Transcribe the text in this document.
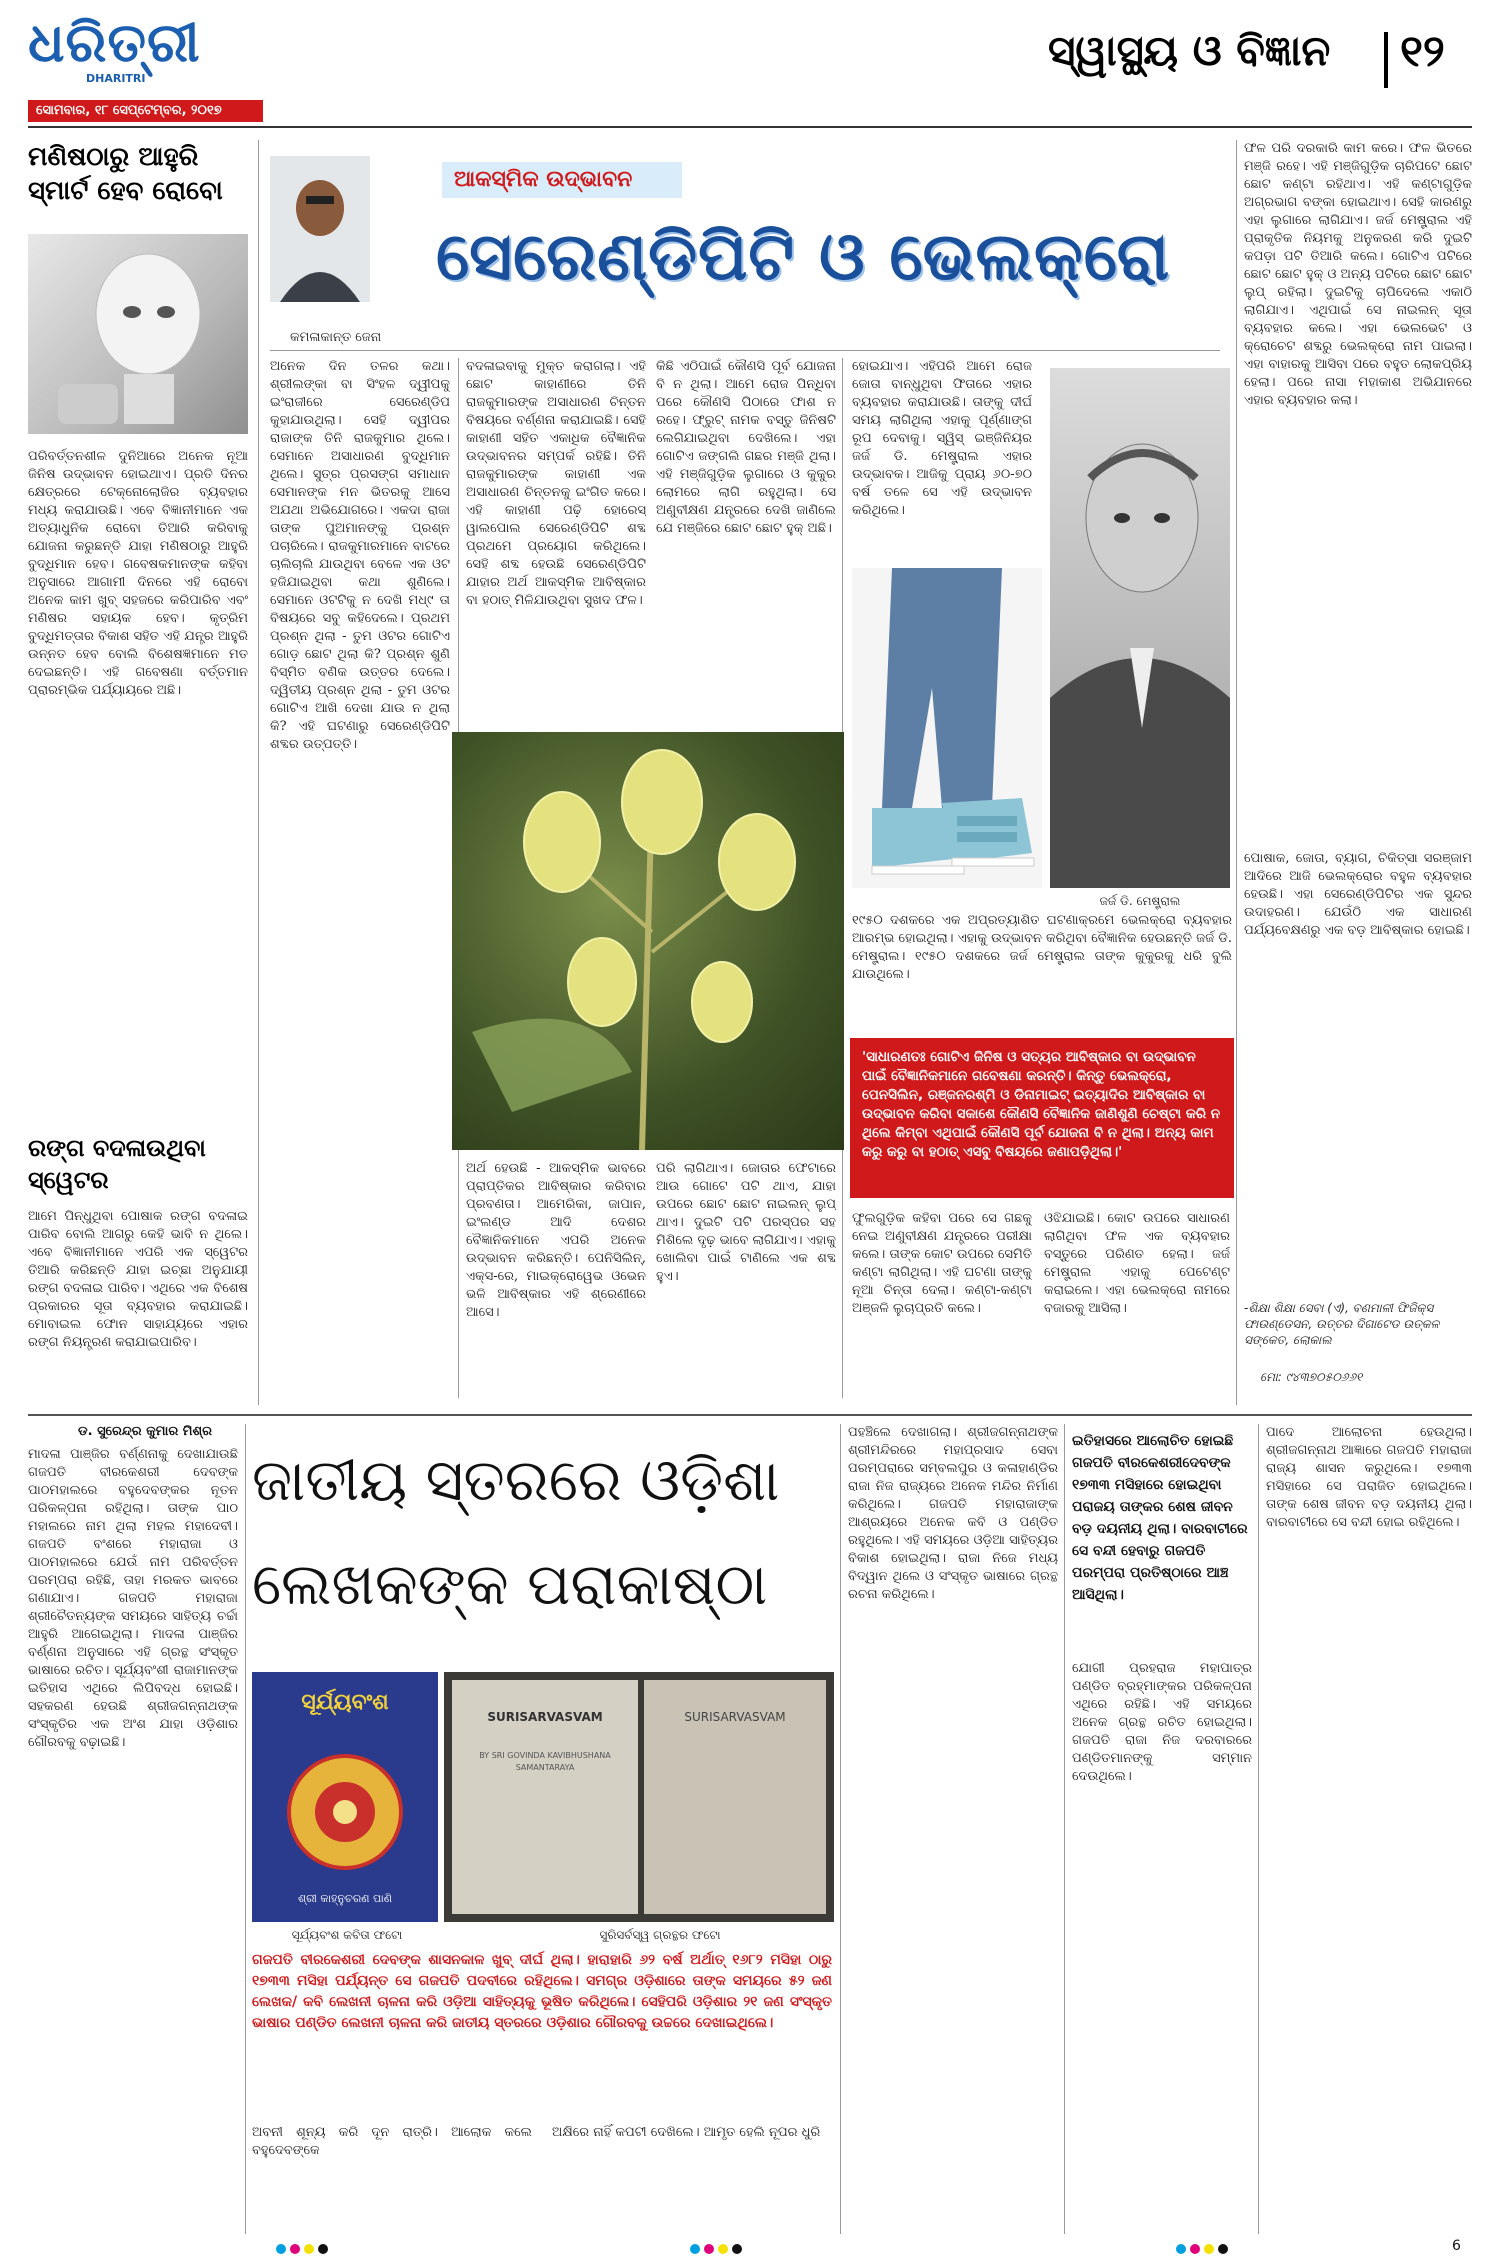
ଧରିତ୍ରୀ
DHARITRI
ସୋମବାର, ୧୮ ସେପ୍ଟେମ୍ବର, ୨୦୧୭
ସ୍ୱାସ୍ଥ୍ୟ ଓ ବିଜ୍ଞାନ ୧୨
ମଣିଷଠାରୁ ଆହୁରି ସ୍ମାର୍ଟ ହେବ ରୋବୋ
ପରିବର୍ତ୍ତନଶୀଳ ଦୁନିଆରେ ଅନେକ ନୂଆ ଜିନିଷ ଉଦ୍ଭାବନ ହୋଇଥାଏ। ପ୍ରତି ଦିନର କ୍ଷେତ୍ରରେ ଟେକ୍ନୋଲୋଜିର ବ୍ୟବହାର ମଧ୍ୟ କରାଯାଉଛି। ଏବେ ବିଜ୍ଞାନୀମାନେ ଏକ ଅତ୍ୟାଧୁନିକ ରୋବୋ ତିଆରି କରିବାକୁ ଯୋଜନା କରୁଛନ୍ତି ଯାହା ମଣିଷଠାରୁ ଆହୁରି ବୁଦ୍ଧିମାନ ହେବ। ଗବେଷକମାନଙ୍କ କହିବା ଅନୁସାରେ ଆଗାମୀ ଦିନରେ ଏହି ରୋବୋ ଅନେକ କାମ ଖୁବ୍ ସହଜରେ କରିପାରିବ ଏବଂ ମଣିଷର ସହାୟକ ହେବ। କୃତ୍ରିମ ବୁଦ୍ଧିମତ୍ତାର ବିକାଶ ସହିତ ଏହି ଯନ୍ତ୍ର ଆହୁରି ଉନ୍ନତ ହେବ ବୋଲି ବିଶେଷଜ୍ଞମାନେ ମତ ଦେଇଛନ୍ତି। ଏହି ଗବେଷଣା ବର୍ତ୍ତମାନ ପ୍ରାରମ୍ଭିକ ପର୍ଯ୍ୟାୟରେ ଅଛି।
ରଙ୍ଗ ବଦଳାଉଥିବା ସ୍ୱେଟର
ଆମେ ପିନ୍ଧୁଥିବା ପୋଷାକ ରଙ୍ଗ ବଦଳାଇ ପାରିବ ବୋଲି ଆଗରୁ କେହି ଭାବି ନ ଥିଲେ। ଏବେ ବିଜ୍ଞାନୀମାନେ ଏପରି ଏକ ସ୍ୱେଟର ତିଆରି କରିଛନ୍ତି ଯାହା ଇଚ୍ଛା ଅନୁଯାୟୀ ରଙ୍ଗ ବଦଳାଇ ପାରିବ। ଏଥିରେ ଏକ ବିଶେଷ ପ୍ରକାରର ସୂତା ବ୍ୟବହାର କରାଯାଇଛି। ମୋବାଇଲ ଫୋନ ସାହାଯ୍ୟରେ ଏହାର ରଙ୍ଗ ନିୟନ୍ତ୍ରଣ କରାଯାଇପାରିବ।
କମଳାକାନ୍ତ ଜେନା
ଆକସ୍ମିକ ଉଦ୍ଭାବନ
ସେରେଣ୍ଡିପିଟି ଓ ଭେଲକ୍ରୋ
ଅନେକ ଦିନ ତଳର କଥା। ଶ୍ରୀଲଙ୍କା ବା ସିଂହଳ ଦ୍ୱୀପକୁ ଇଂରାଜୀରେ ସେରେଣ୍ଡିପ କୁହାଯାଉଥିଲା। ସେହି ଦ୍ୱୀପର ରାଜାଙ୍କ ତିନି ରାଜକୁମାର ଥିଲେ। ସେମାନେ ଅସାଧାରଣ ବୁଦ୍ଧିମାନ ଥିଲେ। ସୁତ୍ର ପ୍ରସଙ୍ଗ ସମାଧାନ ସେମାନଙ୍କ ମନ ଭିତରକୁ ଆସେ ଅଯଥା ଅଭିଯୋଗରେ। ଏକଦା ରାଜା ତାଙ୍କ ପୁଅମାନଙ୍କୁ ପ୍ରଶ୍ନ ପଚାରିଲେ। ରାଜକୁମାରମାନେ ବାଟରେ ଚାଲିଚାଲି ଯାଉଥିବା ବେଳେ ଏକ ଓଟ ହଜିଯାଇଥିବା କଥା ଶୁଣିଲେ। ସେମାନେ ଓଟଟିକୁ ନ ଦେଖି ମଧ୍୯ ତା ବିଷୟରେ ସବୁ କହିଦେଲେ। ପ୍ରଥମ ପ୍ରଶ୍ନ ଥିଲା - ତୁମ ଓଟର ଗୋଟିଏ ଗୋଡ଼ ଛୋଟ ଥିଲା କି? ପ୍ରଶ୍ନ ଶୁଣି ବିସ୍ମିତ ବଣିକ ଉତ୍ତର ଦେଲେ। ଦ୍ୱିତୀୟ ପ୍ରଶ୍ନ ଥିଲା - ତୁମ ଓଟର ଗୋଟିଏ ଆଖି ଦେଖା ଯାଉ ନ ଥିଲା କି? ଏହି ଘଟଣାରୁ ସେରେଣ୍ଡିପିଟି ଶବ୍ଦର ଉତ୍ପତ୍ତି।
ବଦଳାଇବାକୁ ମୁକ୍ତ କରାଗଲା। ଏହି ଛୋଟ କାହାଣୀରେ ତିନି ରାଜକୁମାରଙ୍କ ଅସାଧାରଣ ଚିନ୍ତନ ବିଷୟରେ ବର୍ଣ୍ଣନା କରାଯାଇଛି। ସେହି କାହାଣୀ ସହିତ ଏକାଧିକ ବୈଜ୍ଞାନିକ ଉଦ୍ଭାବନର ସମ୍ପର୍କ ରହିଛି। ତିନି ରାଜକୁମାରଙ୍କ କାହାଣୀ ଏକ ଅସାଧାରଣ ଚିନ୍ତନକୁ ଇଂଗିତ କରେ। ଏହି କାହାଣୀ ପଢ଼ି ହୋରେସ୍ ୱାଲପୋଲ ସେରେଣ୍ଡିପିଟି ଶବ୍ଦ ପ୍ରଥମେ ପ୍ରୟୋଗ କରିଥିଲେ। ସେହି ଶବ୍ଦ ହେଉଛି ସେରେଣ୍ଡିପିଟି ଯାହାର ଅର୍ଥ ଆକସ୍ମିକ ଆବିଷ୍କାର ବା ହଠାତ୍ ମିଳିଯାଉଥିବା ସୁଖଦ ଫଳ।
କିଛି ଏଠିପାଇଁ କୌଣସି ପୂର୍ବ ଯୋଜନା ବି ନ ଥିଲା। ଆମେ ରୋଜ ପିନ୍ଧିବା ପରେ କୌଣସି ପିଠାରେ ଫାଶ ନ ରହେ। ଫ୍ରୁଟ୍ ନାମକ ବସ୍ତୁ ଜିନିଷଟି ଲେଗିଯାଇଥିବା ଦେଖିଲେ। ଏହା ଗୋଟିଏ ଜଙ୍ଗଲି ଗଛର ମଞ୍ଜି ଥିଲା। ଏହି ମଞ୍ଜିଗୁଡ଼ିକ ଲୁଗାରେ ଓ କୁକୁର ଲୋମରେ ଲାଗି ରହୁଥିଲା। ସେ ଅଣୁବୀକ୍ଷଣ ଯନ୍ତ୍ରରେ ଦେଖି ଜାଣିଲେ ଯେ ମଞ୍ଜିରେ ଛୋଟ ଛୋଟ ହୁକ୍ ଅଛି।
ହୋଇଯାଏ। ଏହିପରି ଆମେ ରୋଜ ଜୋତା ବାନ୍ଧୁଥିବା ଫିତାରେ ଏହାର ବ୍ୟବହାର କରାଯାଉଛି। ତାଙ୍କୁ ଦୀର୍ଘ ସମୟ ଲାଗିଥିଲା ଏହାକୁ ପୂର୍ଣ୍ଣାଙ୍ଗ ରୂପ ଦେବାକୁ। ସ୍ୱିସ୍ ଇଞ୍ଜିନିୟର ଜର୍ଜ ଡି. ମେଷ୍ଟ୍ରାଲ ଏହାର ଉଦ୍ଭାବକ। ଆଜିକୁ ପ୍ରାୟ ୬୦-୭୦ ବର୍ଷ ତଳେ ସେ ଏହି ଉଦ୍ଭାବନ କରିଥିଲେ।
ଜର୍ଜ ଡି. ମେଷ୍ଟ୍ରାଲ
୧୯୫୦ ଦଶକରେ ଏକ ଅପ୍ରତ୍ୟାଶିତ ଘଟଣାକ୍ରମେ ଭେଲକ୍ରୋ ବ୍ୟବହାର ଆରମ୍ଭ ହୋଇଥିଲା। ଏହାକୁ ଉଦ୍ଭାବନ କରିଥିବା ବୈଜ୍ଞାନିକ ହେଉଛନ୍ତି ଜର୍ଜ ଡି. ମେଷ୍ଟ୍ରାଲ। ୧୯୫୦ ଦଶକରେ ଜର୍ଜ ମେଷ୍ଟ୍ରାଲ ତାଙ୍କ କୁକୁରକୁ ଧରି ବୁଲି ଯାଉଥିଲେ।
ଫଳ ପରି ଦରକାରି କାମ କରେ। ଫଳ ଭିତରେ ମଞ୍ଜି ରହେ। ଏହି ମଞ୍ଜିଗୁଡ଼ିକ ଚାରିପଟେ ଛୋଟ ଛୋଟ କଣ୍ଟା ରହିଥାଏ। ଏହି କଣ୍ଟାଗୁଡ଼ିକ ଅଗ୍ରଭାଗ ବଙ୍କା ହୋଇଥାଏ। ସେହି କାରଣରୁ ଏହା ଲୁଗାରେ ଲାଗିଯାଏ। ଜର୍ଜ ମେଷ୍ଟ୍ରାଲ ଏହି ପ୍ରାକୃତିକ ନିୟମକୁ ଅନୁକରଣ କରି ଦୁଇଟି କପଡ଼ା ପଟି ତିଆରି କଲେ। ଗୋଟିଏ ପଟିରେ ଛୋଟ ଛୋଟ ହୁକ୍ ଓ ଅନ୍ୟ ପଟିରେ ଛୋଟ ଛୋଟ ଲୁପ୍ ରହିଲା। ଦୁଇଟିକୁ ଚାପିଦେଲେ ଏକାଠି ଲାଗିଯାଏ। ଏଥିପାଇଁ ସେ ନାଇଲନ୍ ସୂତା ବ୍ୟବହାର କଲେ। ଏହା ଭେଲଭେଟ ଓ କ୍ରୋଚେଟ ଶବ୍ଦରୁ ଭେଲକ୍ରୋ ନାମ ପାଇଲା। ଏହା ବାହାରକୁ ଆସିବା ପରେ ବହୁତ ଲୋକପ୍ରିୟ ହେଲା। ପରେ ନାସା ମହାକାଶ ଅଭିଯାନରେ ଏହାର ବ୍ୟବହାର କଲା।
ପୋଷାକ, ଜୋତା, ବ୍ୟାଗ, ଚିକିତ୍ସା ସରଞ୍ଜାମ ଆଦିରେ ଆଜି ଭେଲକ୍ରୋର ବହୁଳ ବ୍ୟବହାର ହେଉଛି। ଏହା ସେରେଣ୍ଡିପିଟିର ଏକ ସୁନ୍ଦର ଉଦାହରଣ। ଯେଉଁଠି ଏକ ସାଧାରଣ ପର୍ଯ୍ୟବେକ୍ଷଣରୁ ଏକ ବଡ଼ ଆବିଷ୍କାର ହୋଇଛି।
'ସାଧାରଣତଃ ଗୋଟିଏ ଜିନିଷ ଓ ସତ୍ୟର ଆବିଷ୍କାର ବା ଉଦ୍ଭାବନ ପାଇଁ ବୈଜ୍ଞାନିକମାନେ ଗବେଷଣା କରନ୍ତି। କିନ୍ତୁ ଭେଲକ୍ରୋ, ପେନସିଲିନ, ରଞ୍ଜନରଶ୍ମି ଓ ଡିନାମାଇଟ୍ ଇତ୍ୟାଦିର ଆବିଷ୍କାର ବା ଉଦ୍ଭାବନ କରିବା ସକାଶେ କୌଣସି ବୈଜ୍ଞାନିକ ଜାଣିଶୁଣି ଚେଷ୍ଟା କରି ନ ଥିଲେ କିମ୍ବା ଏଥିପାଇଁ କୌଣସି ପୂର୍ବ ଯୋଜନା ବି ନ ଥିଲା। ଅନ୍ୟ କାମ କରୁ କରୁ ବା ହଠାତ୍ ଏସବୁ ବିଷୟରେ ଜଣାପଡ଼ିଥିଲା।'
ଅର୍ଥ ହେଉଛି - ଆକସ୍ମିକ ଭାବରେ ପ୍ରାପ୍ତିକର ଆବିଷ୍କାର କରିବାର ପ୍ରବଣତା। ଆମେରିକା, ଜାପାନ, ଇଂଲଣ୍ଡ ଆଦି ଦେଶର ବୈଜ୍ଞାନିକମାନେ ଏପରି ଅନେକ ଉଦ୍ଭାବନ କରିଛନ୍ତି। ପେନିସିଲିନ୍, ଏକ୍ସ-ରେ, ମାଇକ୍ରୋୱେଭ ଓଭେନ ଭଳି ଆବିଷ୍କାର ଏହି ଶ୍ରେଣୀରେ ଆସେ।
ପରି ଲାଗିଥାଏ। ଜୋତାର ଫେଟାରେ ଆଉ ଗୋଟେ ପଟି ଥାଏ, ଯାହା ଉପରେ ଛୋଟ ଛୋଟ ନାଇଲନ୍ ଲୁପ୍ ଥାଏ। ଦୁଇଟି ପଟି ପରସ୍ପର ସହ ମିଶିଲେ ଦୃଢ଼ ଭାବେ ଲାଗିଯାଏ। ଏହାକୁ ଖୋଲିବା ପାଇଁ ଟାଣିଲେ ଏକ ଶବ୍ଦ ହୁଏ।
ଫୁଲଗୁଡ଼ିକ କହିବା ପରେ ସେ ଗଛକୁ ନେଇ ଅଣୁବୀକ୍ଷଣ ଯନ୍ତ୍ରରେ ପରୀକ୍ଷା କଲେ। ତାଙ୍କ କୋଟ ଉପରେ ସେମିତି କଣ୍ଟା ଲାଗିଥିଲା। ଏହି ଘଟଣା ତାଙ୍କୁ ନୂଆ ଚିନ୍ତା ଦେଲା। କଣ୍ଟା-କଣ୍ଟା ଅଞ୍ଜଳି ଲୁଚାପ୍ରତି କଲେ।
ଓଝିଯାଇଛି। କୋଟ ଉପରେ ସାଧାରଣ ଲାଗିଥିବା ଫଳ ଏକ ବ୍ୟବହାର ବସ୍ତୁରେ ପରିଣତ ହେଲା। ଜର୍ଜ ମେଷ୍ଟ୍ରାଲ ଏହାକୁ ପେଟେଣ୍ଟ କରାଇଲେ। ଏହା ଭେଲକ୍ରୋ ନାମରେ ବଜାରକୁ ଆସିଲା।	-ଶିକ୍ଷା ଶିକ୍ଷା ସେବା (ଏ), ବଣମାଳୀ ଫିଜିକ୍ସ ଫାଉଣ୍ଡେସନ, ଉତ୍ତର ଦିଗାଟେଡ ଉତ୍କଳ ସଙ୍କେତ, ଲୋକାଲ
ମୋ: ୯୪୩୭୦୫୦୬୬୧
ଡ. ସୁରେନ୍ଦ୍ର କୁମାର ମିଶ୍ର
ମାଦଳା ପାଞ୍ଜିର ବର୍ଣ୍ଣନାକୁ ଦେଖାଯାଉଛି ଗଜପତି ବୀରକେଶରୀ ଦେବଙ୍କ ପାଠମହାଲରେ ବହୁଦେବଙ୍କର ନୂତନ ପରିକଳ୍ପନା ରହିଥିଲା। ତାଙ୍କ ପାଠ ମହାଲରେ ନାମ ଥିଲା ମହଲ ମହାଦେବୀ। ଗଜପତି ବଂଶରେ ମହାରାଜା ଓ ପାଠମହାଲରେ ଯେଉଁ ନାମ ପରିବର୍ତ୍ତନ ପରମ୍ପରା ରହିଛି, ତାହା ମରକତ ଭାବରେ ଗଣାଯାଏ। ଗଜପତି ମହାରାଜା ଶ୍ରୀଚୈତନ୍ୟଙ୍କ ସମୟରେ ସାହିତ୍ୟ ଚର୍ଚ୍ଚା ଆହୁରି ଆଗେଇଥିଲା। ମାଦଳା ପାଞ୍ଜିର ବର୍ଣ୍ଣନା ଅନୁସାରେ ଏହି ଗ୍ରନ୍ଥ ସଂସ୍କୃତ ଭାଷାରେ ରଚିତ। ସୂର୍ଯ୍ୟବଂଶୀ ରାଜାମାନଙ୍କ ଇତିହାସ ଏଥିରେ ଲିପିବଦ୍ଧ ହୋଇଛି। ସହକରଣ ହେଉଛି ଶ୍ରୀଜଗନ୍ନାଥଙ୍କ ସଂସ୍କୃତିର ଏକ ଅଂଶ ଯାହା ଓଡ଼ିଶାର ଗୌରବକୁ ବଢ଼ାଇଛି।
ଜାତୀୟ ସ୍ତରରେ ଓଡ଼ିଶା
ଲେଖକଙ୍କ ପରାକାଷ୍ଠା
ସୂର୍ଯ୍ୟବଂଶ
ଶ୍ରୀ କାହ୍ନୁଚରଣ ପାଣି
SURISARVASVAM
BY SRI GOVINDA KAVIBHUSHANA SAMANTARAYA
SURISARVASVAM
ସୂର୍ଯ୍ୟବଂଶ କବିତା ଫଟୋ	ସୁରିସର୍ବସ୍ୱ ଗ୍ରନ୍ଥର ଫଟୋ
ଗଜପତି ବୀରକେଶରୀ ଦେବଙ୍କ ଶାସନକାଳ ଖୁବ୍ ଦୀର୍ଘ ଥିଲା। ହାରାହାରି ୬୨ ବର୍ଷ ଅର୍ଥାତ୍ ୧୬୮୨ ମସିହା ଠାରୁ ୧୭୩୩ ମସିହା ପର୍ଯ୍ୟନ୍ତ ସେ ଗଜପତି ପଦବୀରେ ରହିଥିଲେ। ସମଗ୍ର ଓଡ଼ିଶାରେ ତାଙ୍କ ସମୟରେ ୫୨ ଜଣ ଲେଖକ/ କବି ଲେଖନୀ ଚାଳନା କରି ଓଡ଼ିଆ ସାହିତ୍ୟକୁ ଭୂଷିତ କରିଥିଲେ। ସେହିପରି ଓଡ଼ିଶାର ୨୧ ଜଣ ସଂସ୍କୃତ ଭାଷାର ପଣ୍ଡିତ ଲେଖନୀ ଚାଳନା କରି ଜାତୀୟ ସ୍ତରରେ ଓଡ଼ିଶାର ଗୌରବକୁ ଉଚ୍ଚରେ ଦେଖାଇଥିଲେ।
ପହଞ୍ଚିଲେ ଦେଖାଗଲା। ଶ୍ରୀଜଗନ୍ନାଥଙ୍କ ଶ୍ରୀମନ୍ଦିରରେ ମହାପ୍ରସାଦ ସେବା ପରମ୍ପରାରେ ସମ୍ବଲପୁର ଓ କଳାହାଣ୍ଡିର ରାଜା ନିଜ ରାଜ୍ୟରେ ଅନେକ ମନ୍ଦିର ନିର୍ମାଣ କରିଥିଲେ। ଗଜପତି ମହାରାଜାଙ୍କ ଆଶ୍ରୟରେ ଅନେକ କବି ଓ ପଣ୍ଡିତ ରହୁଥିଲେ। ଏହି ସମୟରେ ଓଡ଼ିଆ ସାହିତ୍ୟର ବିକାଶ ହୋଇଥିଲା। ରାଜା ନିଜେ ମଧ୍ୟ ବିଦ୍ୱାନ ଥିଲେ ଓ ସଂସ୍କୃତ ଭାଷାରେ ଗ୍ରନ୍ଥ ରଚନା କରିଥିଲେ।
ଇତିହାସରେ ଆଲୋଚିତ ହୋଇଛି ଗଜପତି ବୀରକେଶରୀଦେବଙ୍କ ୧୭୩୩ ମସିହାରେ ହୋଇଥିବା ପରାଜୟ ତାଙ୍କର ଶେଷ ଜୀବନ ବଡ଼ ଦୟନୀୟ ଥିଲା। ବାରବାଟୀରେ ସେ ବନ୍ଦୀ ହେବାରୁ ଗଜପତି ପରମ୍ପରା ପ୍ରତିଷ୍ଠାରେ ଆଞ୍ଚ ଆସିଥିଲା।
ଯୋଗୀ ପ୍ରହରାଜ ମହାପାତ୍ର ପଣ୍ଡିତ ବ୍ରହ୍ମାଙ୍କର ପରିକଳ୍ପନା ଏଥିରେ ରହିଛି। ଏହି ସମୟରେ ଅନେକ ଗ୍ରନ୍ଥ ରଚିତ ହୋଇଥିଲା। ଗଜପତି ରାଜା ନିଜ ଦରବାରରେ ପଣ୍ଡିତମାନଙ୍କୁ ସମ୍ମାନ ଦେଉଥିଲେ।
ପାଦେ ଆଲୋଚନା ହେଉଥିଲା। ଶ୍ରୀଜଗନ୍ନାଥ ଆଜ୍ଞାରେ ଗଜପତି ମହାରାଜା ରାଜ୍ୟ ଶାସନ କରୁଥିଲେ। ୧୭୩୩ ମସିହାରେ ସେ ପରାଜିତ ହୋଇଥିଲେ। ତାଙ୍କ ଶେଷ ଜୀବନ ବଡ଼ ଦୟନୀୟ ଥିଲା। ବାରବାଟୀରେ ସେ ବନ୍ଦୀ ହୋଇ ରହିଥିଲେ।
ଅବନୀ ଶୂନ୍ୟ କରି ଦୂନ ରାତ୍ରି। ଆଲୋକ କଲେ ବହୁଦେବଙ୍କେ
ଅକ୍ଷିରେ ନାହିଁ କପଟୀ ଦେଖିଲେ। ଆମୃତ ହେଲି ନୂପର ଧୁରି
6
